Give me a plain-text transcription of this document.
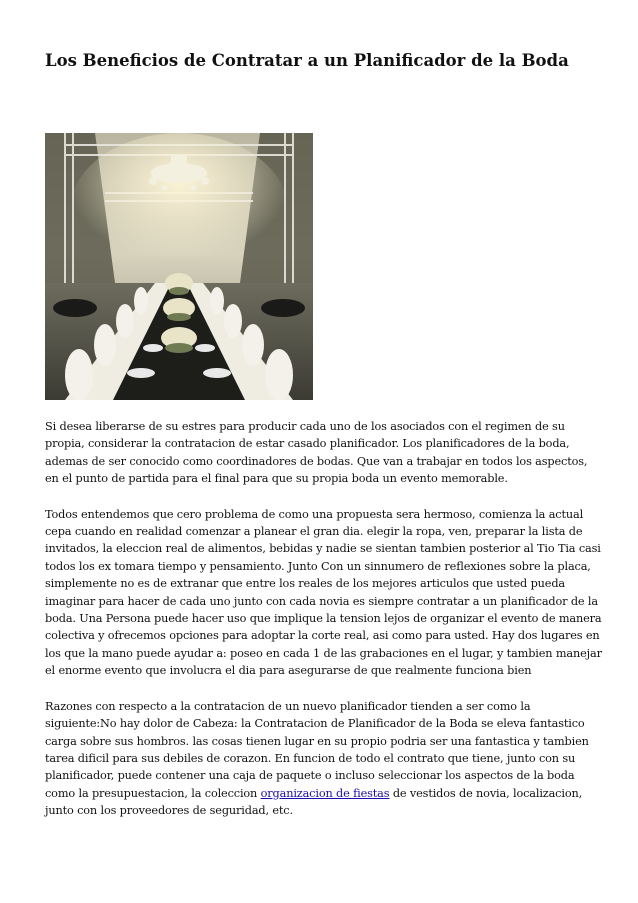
Los Beneficios de Contratar a un Planificador de la Boda

Si desea liberarse de su estres para producir cada uno de los asociados con el regimen de su propia, considerar la contratacion de estar casado planificador. Los planificadores de la boda, ademas de ser conocido como coordinadores de bodas. Que van a trabajar en todos los aspectos, en el punto de partida para el final para que su propia boda un evento memorable.

Todos entendemos que cero problema de como una propuesta sera hermoso, comienza la actual cepa cuando en realidad comenzar a planear el gran dia. elegir la ropa, ven, preparar la lista de invitados, la eleccion real de alimentos, bebidas y nadie se sientan tambien posterior al Tio Tia casi todos los ex tomara tiempo y pensamiento. Junto Con un sinnumero de reflexiones sobre la placa, simplemente no es de extranar que entre los reales de los mejores articulos que usted pueda imaginar para hacer de cada uno junto con cada novia es siempre contratar a un planificador de la boda. Una Persona puede hacer uso que implique la tension lejos de organizar el evento de manera colectiva y ofrecemos opciones para adoptar la corte real, asi como para usted. Hay dos lugares en los que la mano puede ayudar a: poseo en cada 1 de las grabaciones en el lugar, y tambien manejar el enorme evento que involucra el dia para asegurarse de que realmente funciona bien

Razones con respecto a la contratacion de un nuevo planificador tienden a ser como la siguiente:No hay dolor de Cabeza: la Contratacion de Planificador de la Boda se eleva fantastico carga sobre sus hombros. las cosas tienen lugar en su propio podria ser una fantastica y tambien tarea dificil para sus debiles de corazon. En funcion de todo el contrato que tiene, junto con su planificador, puede contener una caja de paquete o incluso seleccionar los aspectos de la boda como la presupuestacion, la coleccion organizacion de fiestas de vestidos de novia, localizacion, junto con los proveedores de seguridad, etc.
